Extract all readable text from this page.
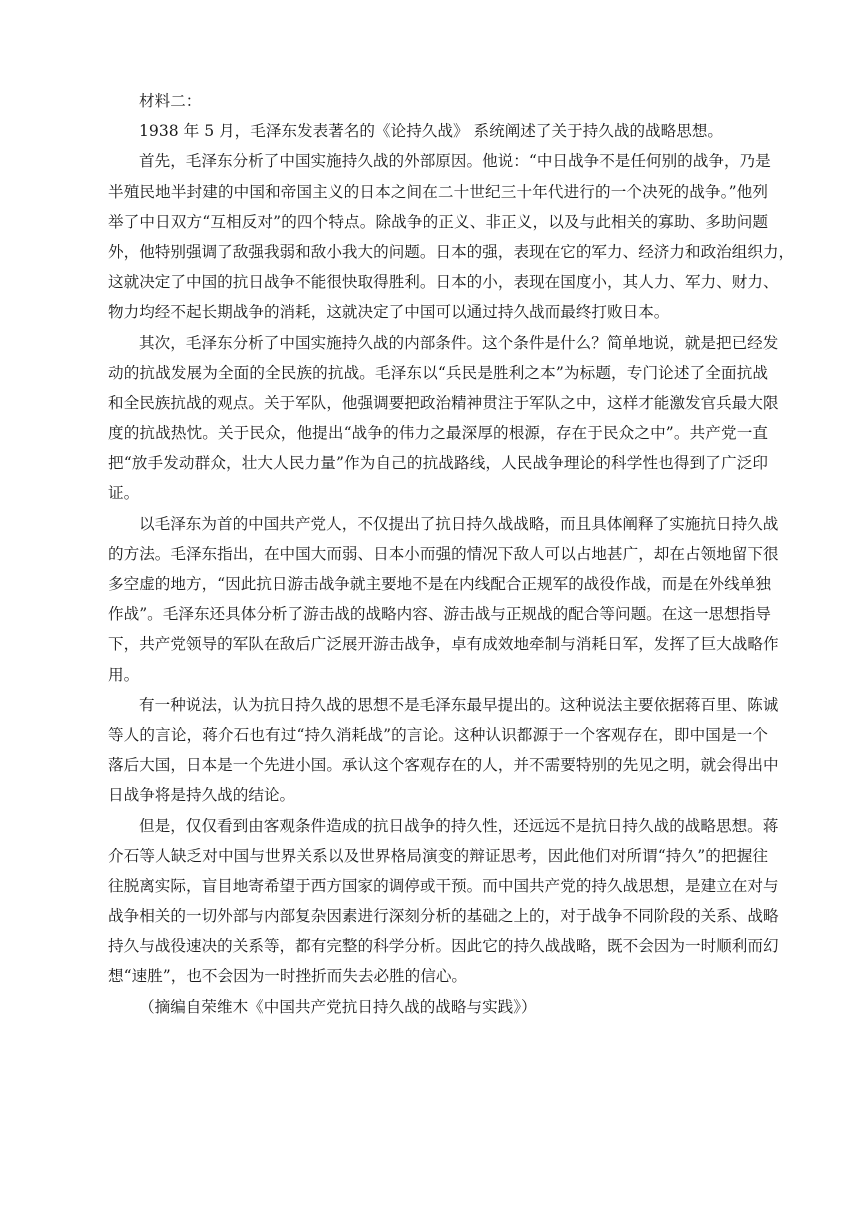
材料二：
1938 年 5 月，毛泽东发表著名的《论持久战》 系统阐述了关于持久战的战略思想。
首先，毛泽东分析了中国实施持久战的外部原因。他说：“中日战争不是任何别的战争，乃是
半殖民地半封建的中国和帝国主义的日本之间在二十世纪三十年代进行的一个决死的战争。”他列
举了中日双方“互相反对”的四个特点。除战争的正义、非正义，以及与此相关的寡助、多助问题
外，他特别强调了敌强我弱和敌小我大的问题。日本的强，表现在它的军力、经济力和政治组织力，
这就决定了中国的抗日战争不能很快取得胜利。日本的小，表现在国度小，其人力、军力、财力、
物力均经不起长期战争的消耗，这就决定了中国可以通过持久战而最终打败日本。
其次，毛泽东分析了中国实施持久战的内部条件。这个条件是什么？简单地说，就是把已经发
动的抗战发展为全面的全民族的抗战。毛泽东以“兵民是胜利之本”为标题，专门论述了全面抗战
和全民族抗战的观点。关于军队，他强调要把政治精神贯注于军队之中，这样才能激发官兵最大限
度的抗战热忱。关于民众，他提出“战争的伟力之最深厚的根源，存在于民众之中”。共产党一直
把“放手发动群众，壮大人民力量”作为自己的抗战路线，人民战争理论的科学性也得到了广泛印
证。
以毛泽东为首的中国共产党人，不仅提出了抗日持久战战略，而且具体阐释了实施抗日持久战
的方法。毛泽东指出，在中国大而弱、日本小而强的情况下敌人可以占地甚广，却在占领地留下很
多空虚的地方，“因此抗日游击战争就主要地不是在内线配合正规军的战役作战，而是在外线单独
作战”。毛泽东还具体分析了游击战的战略内容、游击战与正规战的配合等问题。在这一思想指导
下，共产党领导的军队在敌后广泛展开游击战争，卓有成效地牵制与消耗日军，发挥了巨大战略作
用。
有一种说法，认为抗日持久战的思想不是毛泽东最早提出的。这种说法主要依据蒋百里、陈诚
等人的言论，蒋介石也有过“持久消耗战”的言论。这种认识都源于一个客观存在，即中国是一个
落后大国，日本是一个先进小国。承认这个客观存在的人，并不需要特别的先见之明，就会得出中
日战争将是持久战的结论。
但是，仅仅看到由客观条件造成的抗日战争的持久性，还远远不是抗日持久战的战略思想。蒋
介石等人缺乏对中国与世界关系以及世界格局演变的辩证思考，因此他们对所谓“持久”的把握往
往脱离实际，盲目地寄希望于西方国家的调停或干预。而中国共产党的持久战思想，是建立在对与
战争相关的一切外部与内部复杂因素进行深刻分析的基础之上的，对于战争不同阶段的关系、战略
持久与战役速决的关系等，都有完整的科学分析。因此它的持久战战略，既不会因为一时顺利而幻
想“速胜”，也不会因为一时挫折而失去必胜的信心。
（摘编自荣维木《中国共产党抗日持久战的战略与实践》）
